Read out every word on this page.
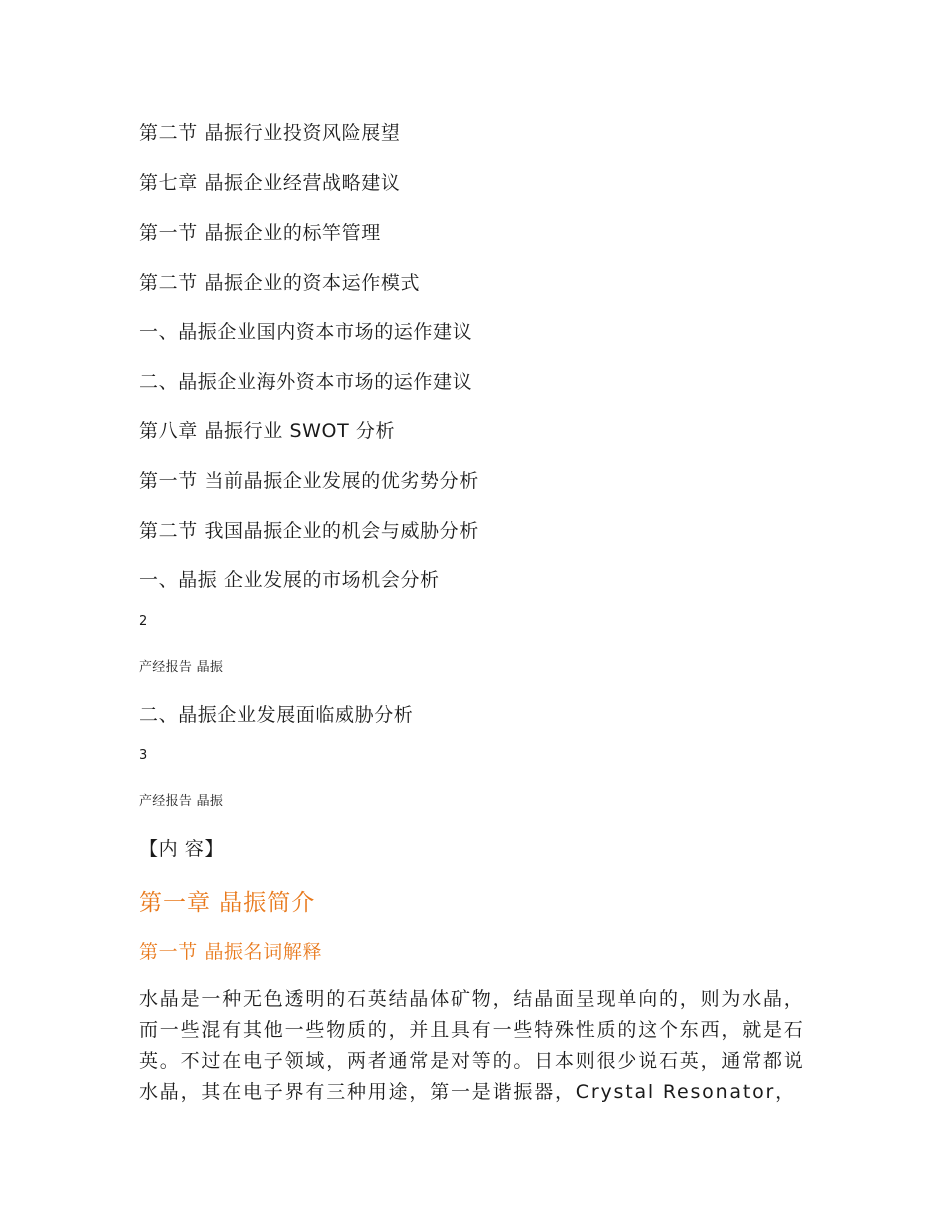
第二节 晶振行业投资风险展望
第七章 晶振企业经营战略建议
第一节 晶振企业的标竿管理
第二节 晶振企业的资本运作模式
一、晶振企业国内资本市场的运作建议
二、晶振企业海外资本市场的运作建议
第八章 晶振行业 SWOT 分析
第一节 当前晶振企业发展的优劣势分析
第二节 我国晶振企业的机会与威胁分析
一、晶振 企业发展的市场机会分析
2
产经报告 晶振
二、晶振企业发展面临威胁分析
3
产经报告 晶振
【内 容】
第一章 晶振简介
第一节 晶振名词解释
水晶是一种无色透明的石英结晶体矿物，结晶面呈现单向的，则为水晶，
而一些混有其他一些物质的，并且具有一些特殊性质的这个东西，就是石
英。不过在电子领域，两者通常是对等的。日本则很少说石英，通常都说
水晶，其在电子界有三种用途，第一是谐振器，Crystal Resonator，
